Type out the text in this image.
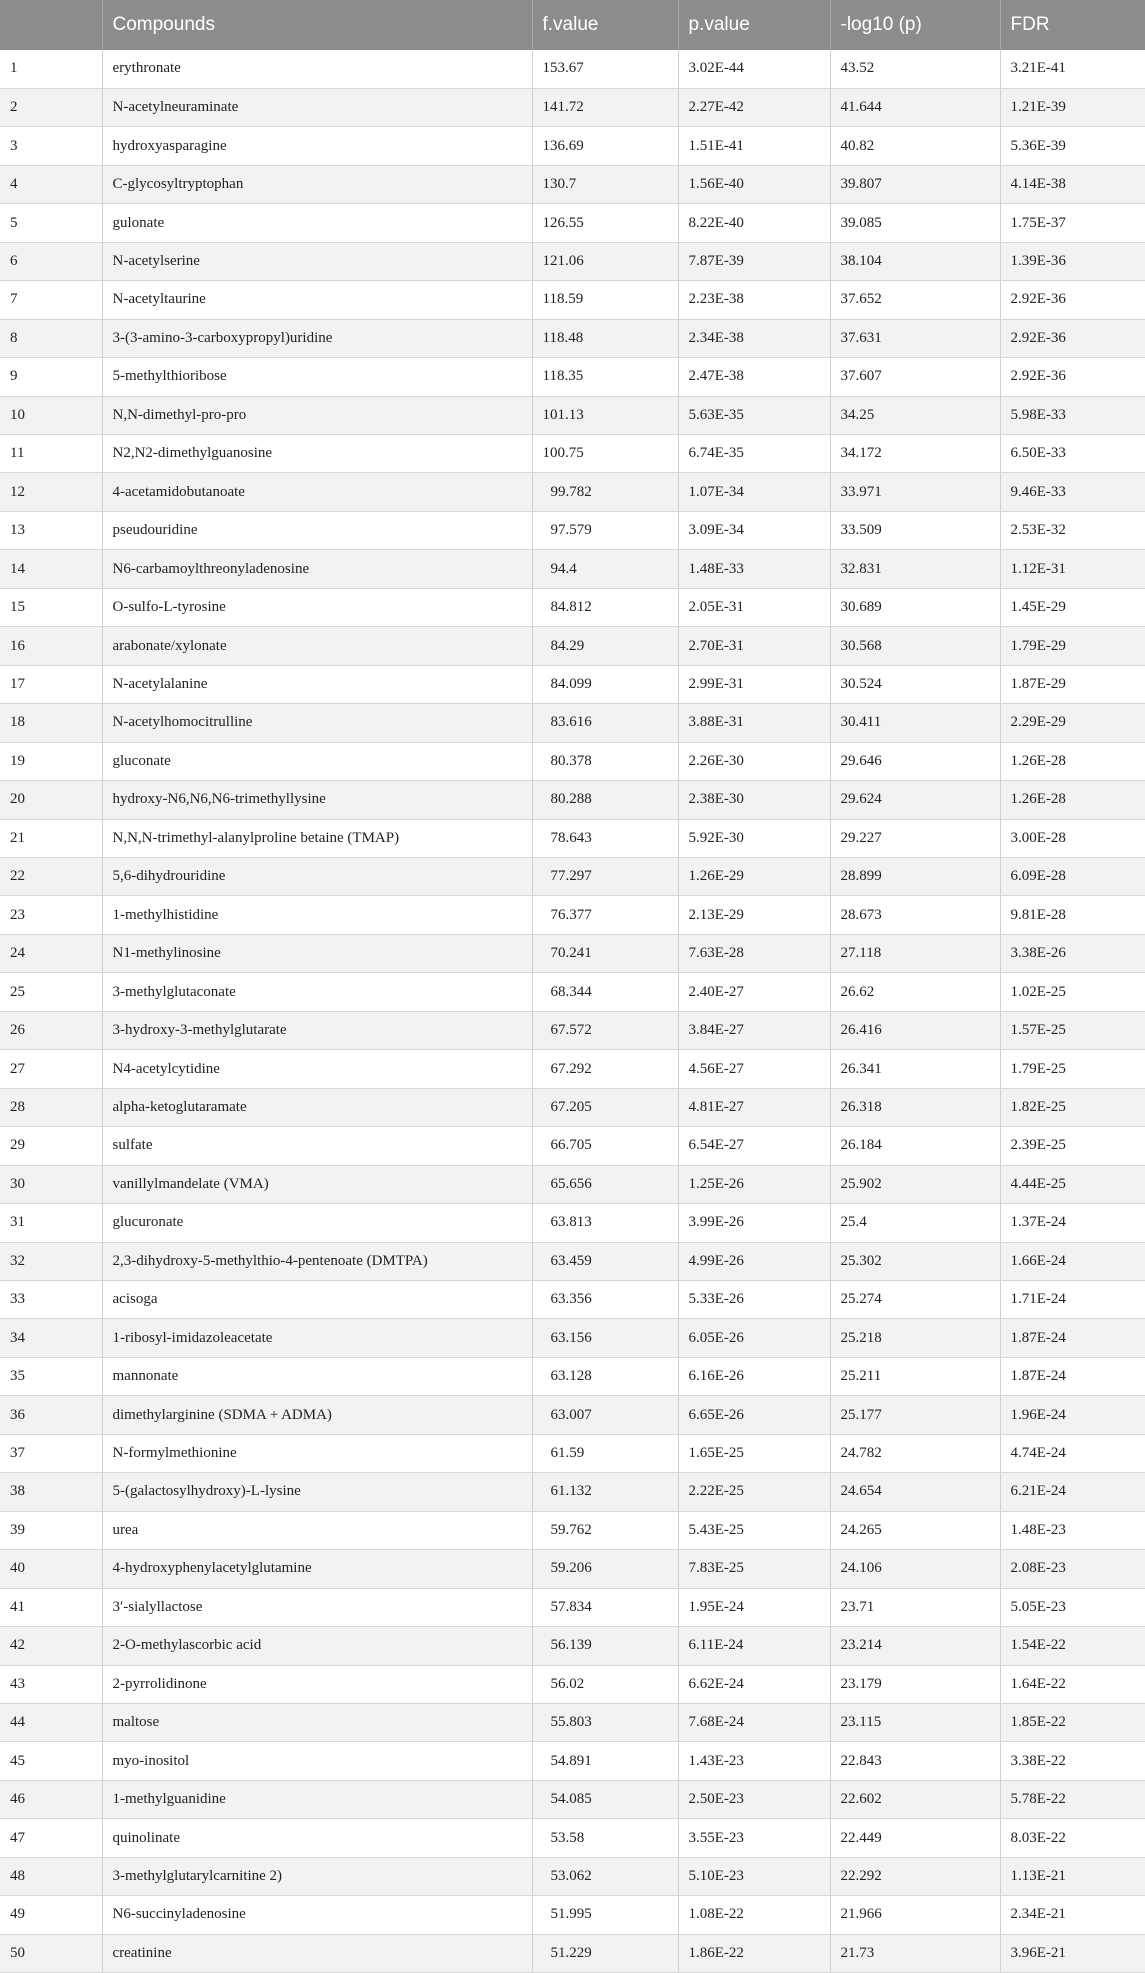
	Compounds	f.value	p.value	-log10 (p)	FDR
1	erythronate	153.67	3.02E-44	43.52	3.21E-41
2	N-acetylneuraminate	141.72	2.27E-42	41.644	1.21E-39
3	hydroxyasparagine	136.69	1.51E-41	40.82	5.36E-39
4	C-glycosyltryptophan	130.7	1.56E-40	39.807	4.14E-38
5	gulonate	126.55	8.22E-40	39.085	1.75E-37
6	N-acetylserine	121.06	7.87E-39	38.104	1.39E-36
7	N-acetyltaurine	118.59	2.23E-38	37.652	2.92E-36
8	3-(3-amino-3-carboxypropyl)uridine	118.48	2.34E-38	37.631	2.92E-36
9	5-methylthioribose	118.35	2.47E-38	37.607	2.92E-36
10	N,N-dimethyl-pro-pro	101.13	5.63E-35	34.25	5.98E-33
11	N2,N2-dimethylguanosine	100.75	6.74E-35	34.172	6.50E-33
12	4-acetamidobutanoate	99.782	1.07E-34	33.971	9.46E-33
13	pseudouridine	97.579	3.09E-34	33.509	2.53E-32
14	N6-carbamoylthreonyladenosine	94.4	1.48E-33	32.831	1.12E-31
15	O-sulfo-L-tyrosine	84.812	2.05E-31	30.689	1.45E-29
16	arabonate/xylonate	84.29	2.70E-31	30.568	1.79E-29
17	N-acetylalanine	84.099	2.99E-31	30.524	1.87E-29
18	N-acetylhomocitrulline	83.616	3.88E-31	30.411	2.29E-29
19	gluconate	80.378	2.26E-30	29.646	1.26E-28
20	hydroxy-N6,N6,N6-trimethyllysine	80.288	2.38E-30	29.624	1.26E-28
21	N,N,N-trimethyl-alanylproline betaine (TMAP)	78.643	5.92E-30	29.227	3.00E-28
22	5,6-dihydrouridine	77.297	1.26E-29	28.899	6.09E-28
23	1-methylhistidine	76.377	2.13E-29	28.673	9.81E-28
24	N1-methylinosine	70.241	7.63E-28	27.118	3.38E-26
25	3-methylglutaconate	68.344	2.40E-27	26.62	1.02E-25
26	3-hydroxy-3-methylglutarate	67.572	3.84E-27	26.416	1.57E-25
27	N4-acetylcytidine	67.292	4.56E-27	26.341	1.79E-25
28	alpha-ketoglutaramate	67.205	4.81E-27	26.318	1.82E-25
29	sulfate	66.705	6.54E-27	26.184	2.39E-25
30	vanillylmandelate (VMA)	65.656	1.25E-26	25.902	4.44E-25
31	glucuronate	63.813	3.99E-26	25.4	1.37E-24
32	2,3-dihydroxy-5-methylthio-4-pentenoate (DMTPA)	63.459	4.99E-26	25.302	1.66E-24
33	acisoga	63.356	5.33E-26	25.274	1.71E-24
34	1-ribosyl-imidazoleacetate	63.156	6.05E-26	25.218	1.87E-24
35	mannonate	63.128	6.16E-26	25.211	1.87E-24
36	dimethylarginine (SDMA + ADMA)	63.007	6.65E-26	25.177	1.96E-24
37	N-formylmethionine	61.59	1.65E-25	24.782	4.74E-24
38	5-(galactosylhydroxy)-L-lysine	61.132	2.22E-25	24.654	6.21E-24
39	urea	59.762	5.43E-25	24.265	1.48E-23
40	4-hydroxyphenylacetylglutamine	59.206	7.83E-25	24.106	2.08E-23
41	3′-sialyllactose	57.834	1.95E-24	23.71	5.05E-23
42	2-O-methylascorbic acid	56.139	6.11E-24	23.214	1.54E-22
43	2-pyrrolidinone	56.02	6.62E-24	23.179	1.64E-22
44	maltose	55.803	7.68E-24	23.115	1.85E-22
45	myo-inositol	54.891	1.43E-23	22.843	3.38E-22
46	1-methylguanidine	54.085	2.50E-23	22.602	5.78E-22
47	quinolinate	53.58	3.55E-23	22.449	8.03E-22
48	3-methylglutarylcarnitine 2)	53.062	5.10E-23	22.292	1.13E-21
49	N6-succinyladenosine	51.995	1.08E-22	21.966	2.34E-21
50	creatinine	51.229	1.86E-22	21.73	3.96E-21
